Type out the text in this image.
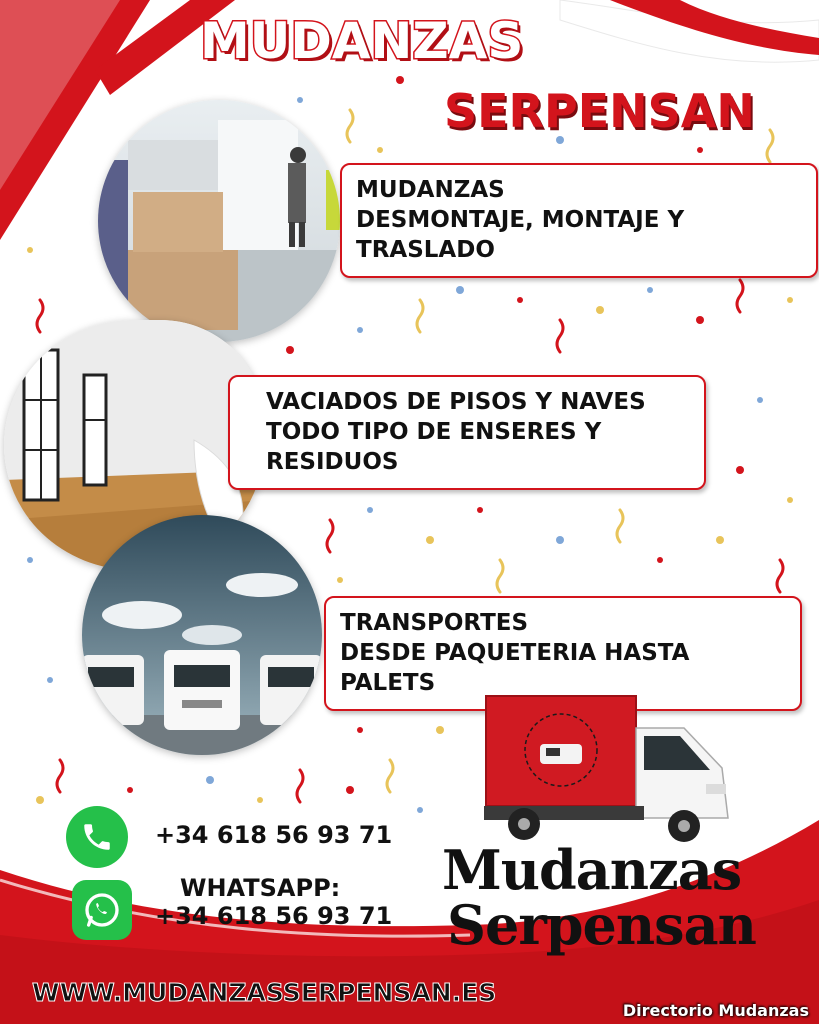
MUDANZAS
SERPENSAN
MUDANZAS
DESMONTAJE, MONTAJE Y
TRASLADO
VACIADOS DE PISOS Y NAVES
TODO TIPO DE ENSERES Y
RESIDUOS
TRANSPORTES
DESDE PAQUETERIA HASTA
PALETS
Mudanzas
Serpensan
+34 618 56 93 71
WHATSAPP:
+34 618 56 93 71
WWW.MUDANZASSERPENSAN.ES
Directorio Mudanzas
